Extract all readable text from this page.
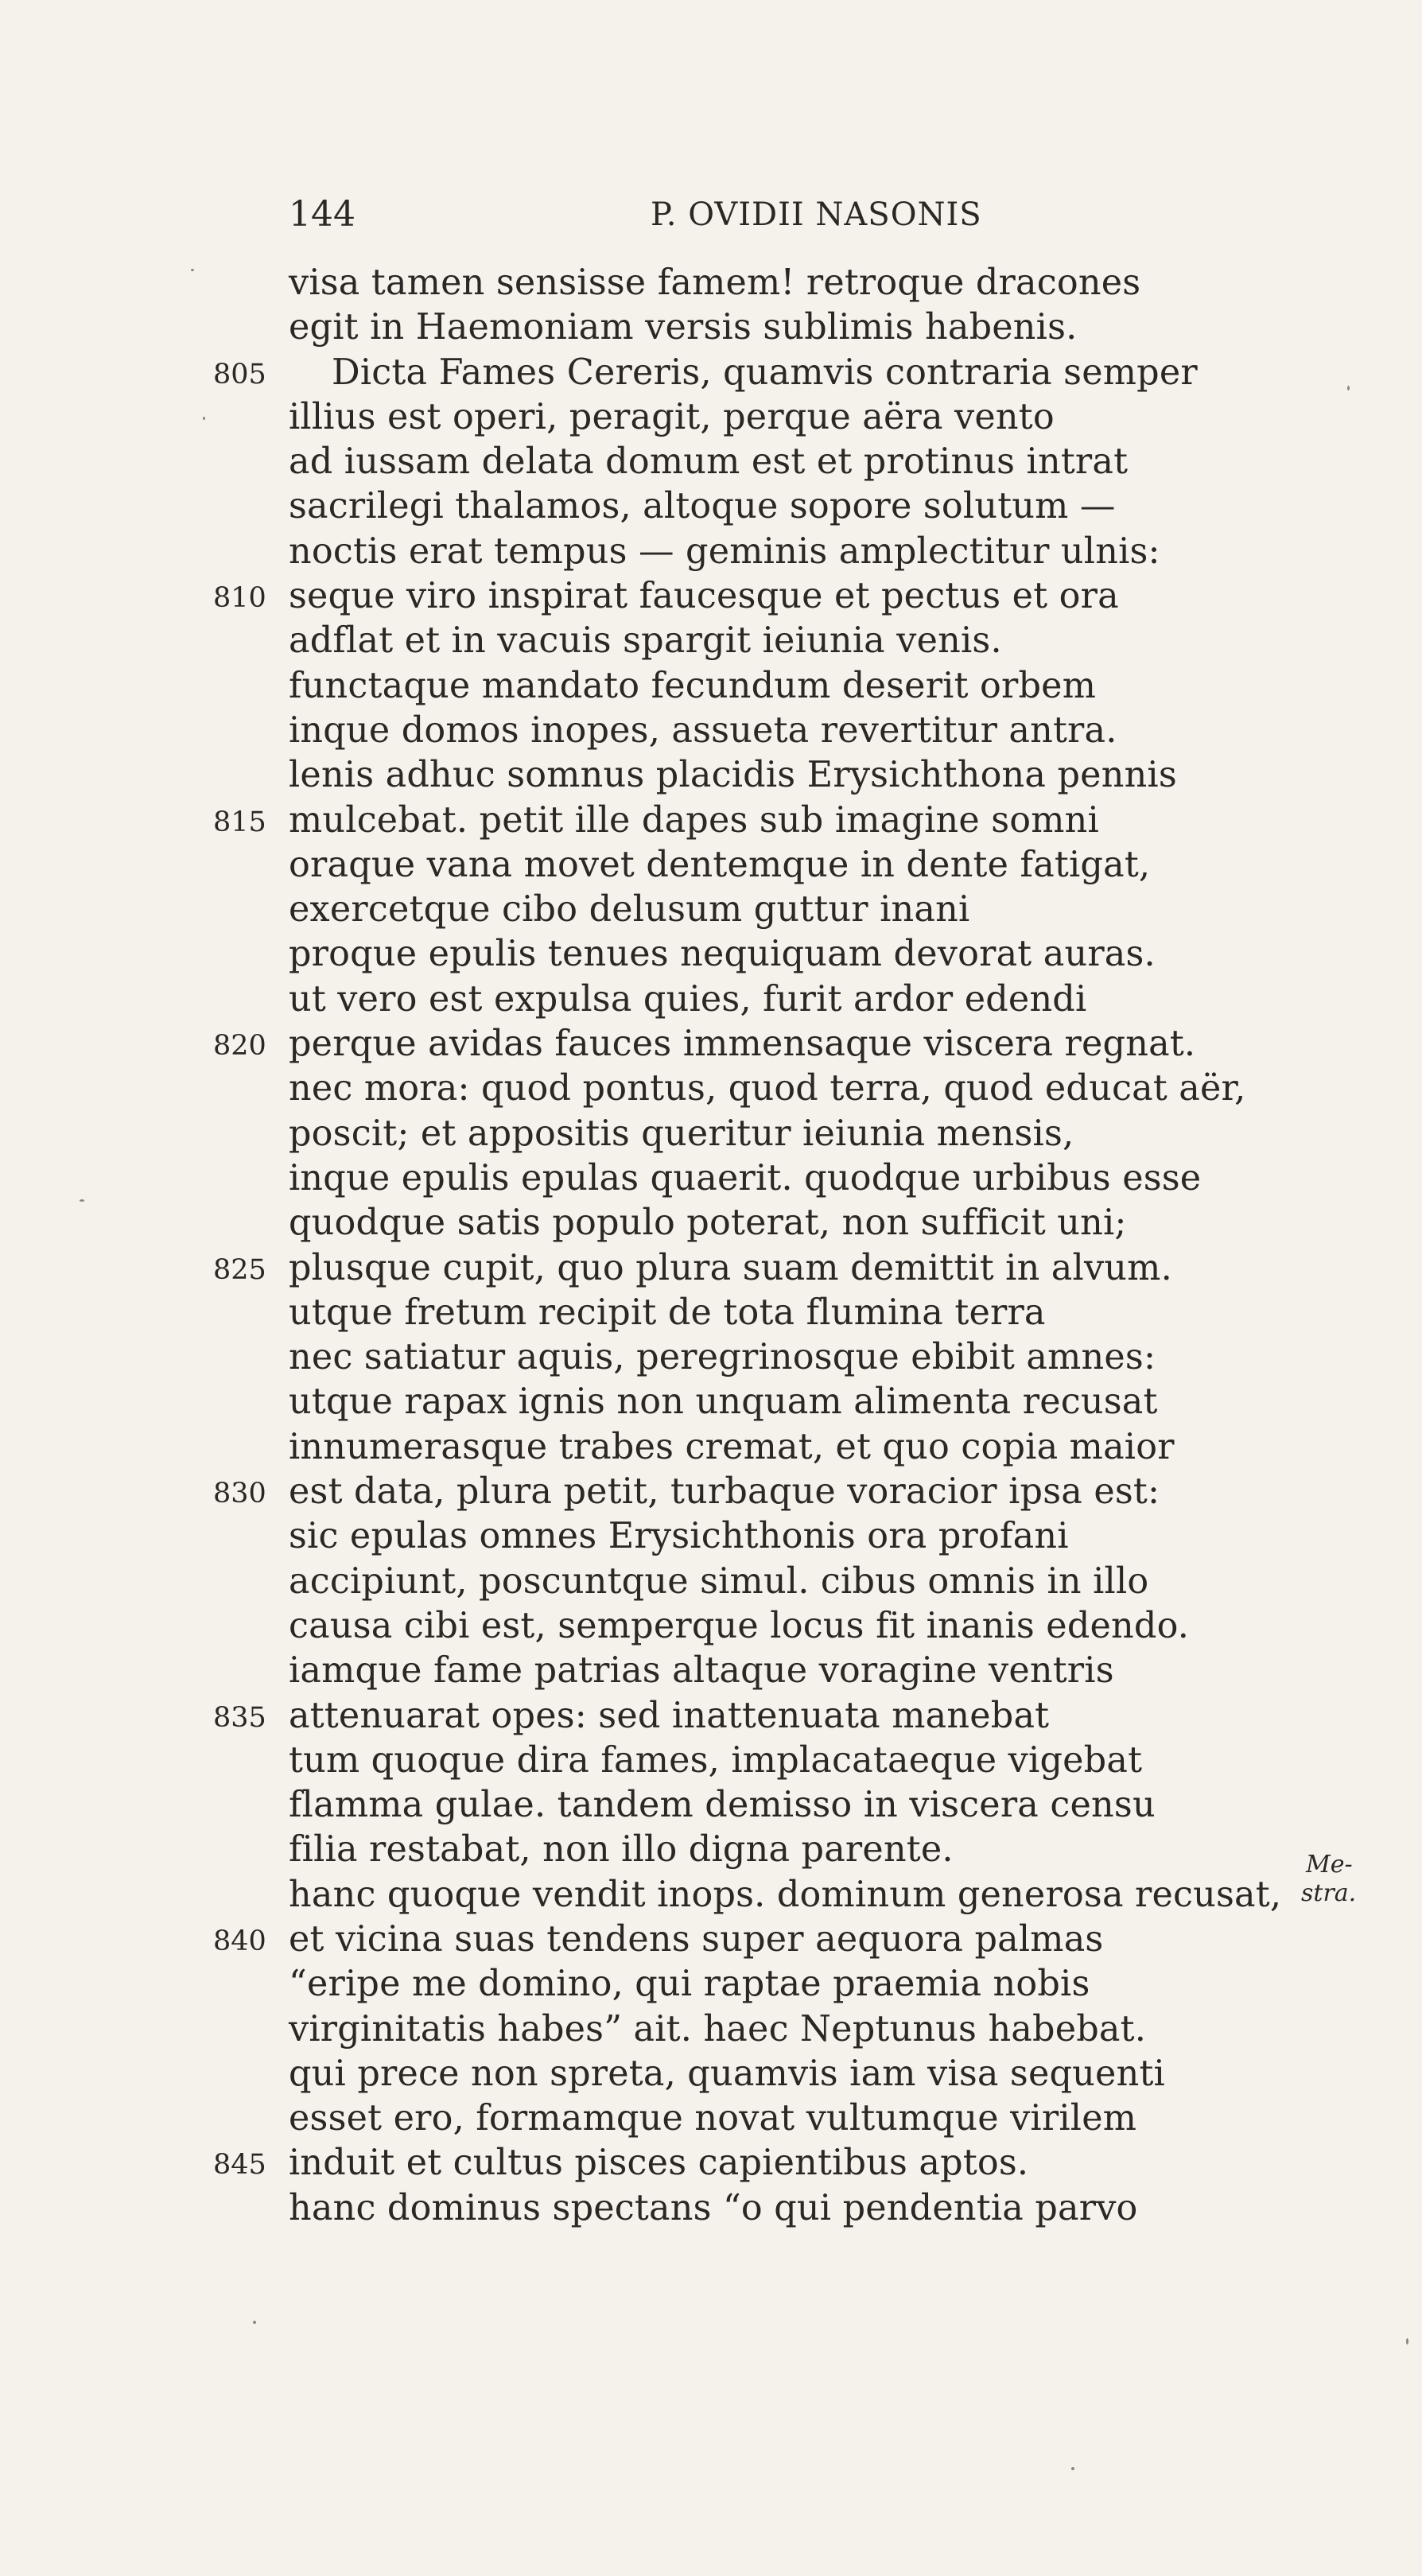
144	P. OVIDII NASONIS
visa tamen sensisse famem! retroque dracones
egit in Haemoniam versis sublimis habenis.
805 Dicta Fames Cereris, quamvis contraria semper
illius est operi, peragit, perque aëra vento
ad iussam delata domum est et protinus intrat
sacrilegi thalamos, altoque sopore solutum —
noctis erat tempus — geminis amplectitur ulnis:
810 seque viro inspirat faucesque et pectus et ora
adflat et in vacuis spargit ieiunia venis.
functaque mandato fecundum deserit orbem
inque domos inopes, assueta revertitur antra.
lenis adhuc somnus placidis Erysichthona pennis
815 mulcebat. petit ille dapes sub imagine somni
oraque vana movet dentemque in dente fatigat,
exercetque cibo delusum guttur inani
proque epulis tenues nequiquam devorat auras.
ut vero est expulsa quies, furit ardor edendi
820 perque avidas fauces immensaque viscera regnat.
nec mora: quod pontus, quod terra, quod educat aër,
poscit; et appositis queritur ieiunia mensis,
inque epulis epulas quaerit. quodque urbibus esse
quodque satis populo poterat, non sufficit uni;
825 plusque cupit, quo plura suam demittit in alvum.
utque fretum recipit de tota flumina terra
nec satiatur aquis, peregrinosque ebibit amnes:
utque rapax ignis non unquam alimenta recusat
innumerasque trabes cremat, et quo copia maior
830 est data, plura petit, turbaque voracior ipsa est:
sic epulas omnes Erysichthonis ora profani
accipiunt, poscuntque simul. cibus omnis in illo
causa cibi est, semperque locus fit inanis edendo.
iamque fame patrias altaque voragine ventris
835 attenuarat opes: sed inattenuata manebat
tum quoque dira fames, implacataeque vigebat
flamma gulae. tandem demisso in viscera censu
filia restabat, non illo digna parente.
hanc quoque vendit inops. dominum generosa recusat,
840 et vicina suas tendens super aequora palmas
“eripe me domino, qui raptae praemia nobis
virginitatis habes” ait. haec Neptunus habebat.
qui prece non spreta, quamvis iam visa sequenti
esset ero, formamque novat vultumque virilem
845 induit et cultus pisces capientibus aptos.
hanc dominus spectans “o qui pendentia parvo
Me-
stra.
